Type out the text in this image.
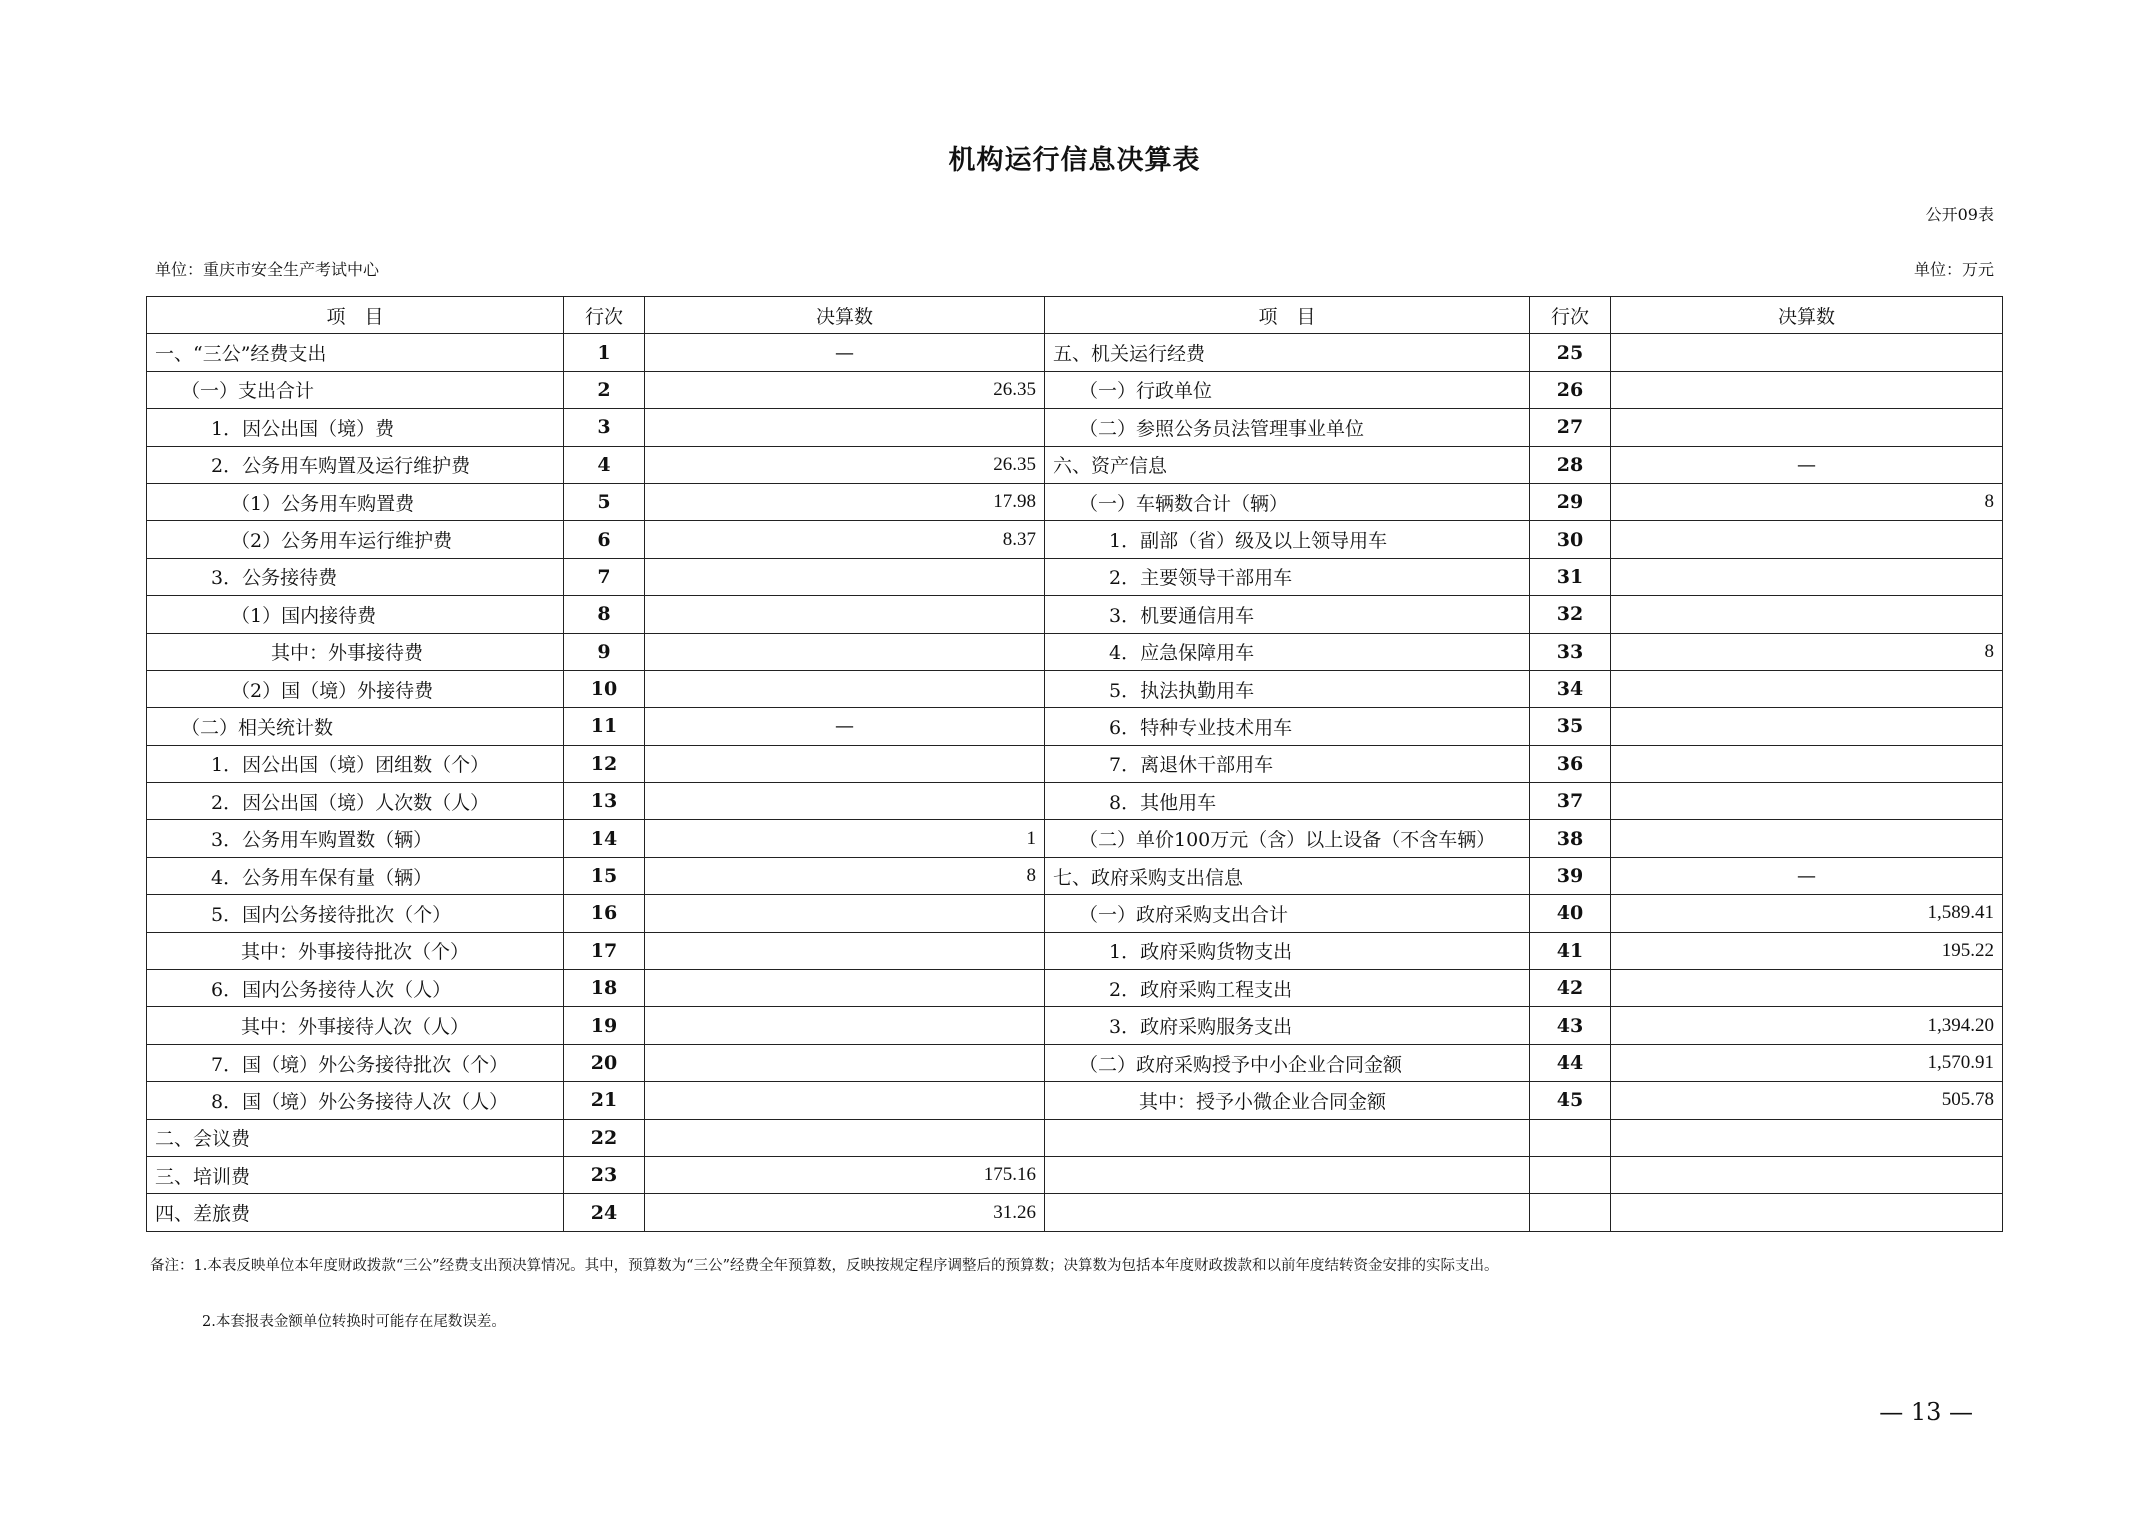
机构运行信息决算表
公开09表
单位：重庆市安全生产考试中心	单位：万元
项　目	行次	决算数	项　目	行次	决算数
一、“三公”经费支出	1	—	五、机关运行经费	25	
（一）支出合计	2	26.35	（一）行政单位	26	
1．因公出国（境）费	3		（二）参照公务员法管理事业单位	27	
2．公务用车购置及运行维护费	4	26.35	六、资产信息	28	—
（1）公务用车购置费	5	17.98	（一）车辆数合计（辆）	29	8
（2）公务用车运行维护费	6	8.37	1．副部（省）级及以上领导用车	30	
3．公务接待费	7		2．主要领导干部用车	31	
（1）国内接待费	8		3．机要通信用车	32	
其中：外事接待费	9		4．应急保障用车	33	8
（2）国（境）外接待费	10		5．执法执勤用车	34	
（二）相关统计数	11	—	6．特种专业技术用车	35	
1．因公出国（境）团组数（个）	12		7．离退休干部用车	36	
2．因公出国（境）人次数（人）	13		8．其他用车	37	
3．公务用车购置数（辆）	14	1	（二）单价100万元（含）以上设备（不含车辆）	38	
4．公务用车保有量（辆）	15	8	七、政府采购支出信息	39	—
5．国内公务接待批次（个）	16		（一）政府采购支出合计	40	1,589.41
其中：外事接待批次（个）	17		1．政府采购货物支出	41	195.22
6．国内公务接待人次（人）	18		2．政府采购工程支出	42	
其中：外事接待人次（人）	19		3．政府采购服务支出	43	1,394.20
7．国（境）外公务接待批次（个）	20		（二）政府采购授予中小企业合同金额	44	1,570.91
8．国（境）外公务接待人次（人）	21		其中：授予小微企业合同金额	45	505.78
二、会议费	22				
三、培训费	23	175.16			
四、差旅费	24	31.26			
备注：1.本表反映单位本年度财政拨款“三公”经费支出预决算情况。其中，预算数为“三公”经费全年预算数，反映按规定程序调整后的预算数；决算数为包括本年度财政拨款和以前年度结转资金安排的实际支出。
2.本套报表金额单位转换时可能存在尾数误差。
— 13 —
